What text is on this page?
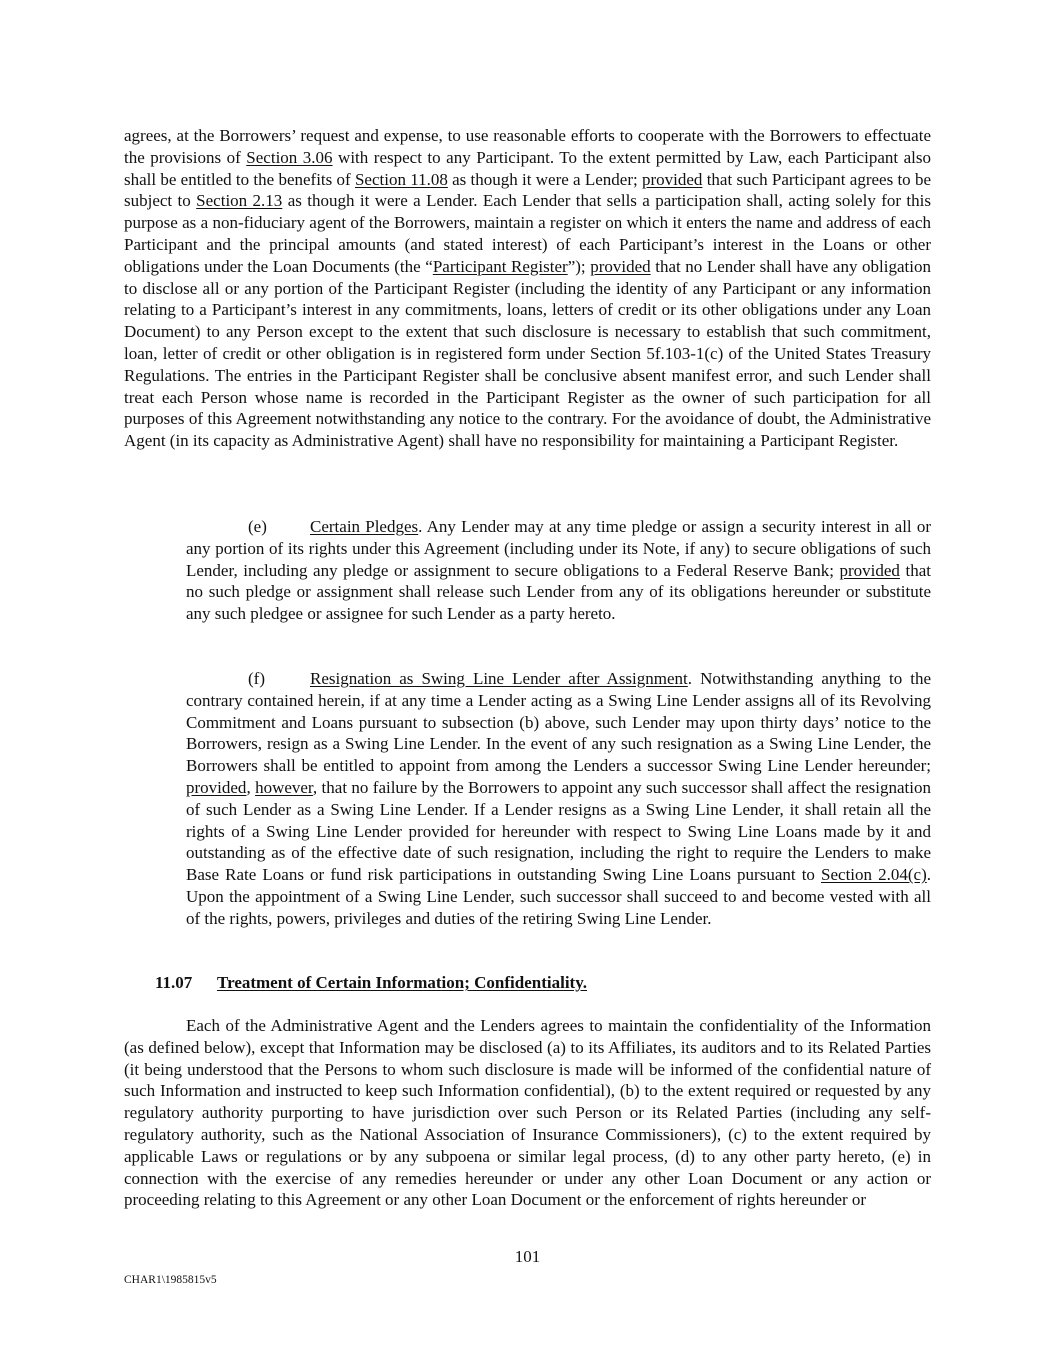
agrees, at the Borrowers’ request and expense, to use reasonable efforts to cooperate with the Borrowers to effectuate the provisions of Section 3.06 with respect to any Participant. To the extent permitted by Law, each Participant also shall be entitled to the benefits of Section 11.08 as though it were a Lender; provided that such Participant agrees to be subject to Section 2.13 as though it were a Lender. Each Lender that sells a participation shall, acting solely for this purpose as a non-fiduciary agent of the Borrowers, maintain a register on which it enters the name and address of each Participant and the principal amounts (and stated interest) of each Participant’s interest in the Loans or other obligations under the Loan Documents (the “Participant Register”); provided that no Lender shall have any obligation to disclose all or any portion of the Participant Register (including the identity of any Participant or any information relating to a Participant’s interest in any commitments, loans, letters of credit or its other obligations under any Loan Document) to any Person except to the extent that such disclosure is necessary to establish that such commitment, loan, letter of credit or other obligation is in registered form under Section 5f.103-1(c) of the United States Treasury Regulations. The entries in the Participant Register shall be conclusive absent manifest error, and such Lender shall treat each Person whose name is recorded in the Participant Register as the owner of such participation for all purposes of this Agreement notwithstanding any notice to the contrary. For the avoidance of doubt, the Administrative Agent (in its capacity as Administrative Agent) shall have no responsibility for maintaining a Participant Register.

(e)	Certain Pledges. Any Lender may at any time pledge or assign a security interest in all or any portion of its rights under this Agreement (including under its Note, if any) to secure obligations of such Lender, including any pledge or assignment to secure obligations to a Federal Reserve Bank; provided that no such pledge or assignment shall release such Lender from any of its obligations hereunder or substitute any such pledgee or assignee for such Lender as a party hereto.

(f)	Resignation as Swing Line Lender after Assignment. Notwithstanding anything to the contrary contained herein, if at any time a Lender acting as a Swing Line Lender assigns all of its Revolving Commitment and Loans pursuant to subsection (b) above, such Lender may upon thirty days’ notice to the Borrowers, resign as a Swing Line Lender. In the event of any such resignation as a Swing Line Lender, the Borrowers shall be entitled to appoint from among the Lenders a successor Swing Line Lender hereunder; provided, however, that no failure by the Borrowers to appoint any such successor shall affect the resignation of such Lender as a Swing Line Lender. If a Lender resigns as a Swing Line Lender, it shall retain all the rights of a Swing Line Lender provided for hereunder with respect to Swing Line Loans made by it and outstanding as of the effective date of such resignation, including the right to require the Lenders to make Base Rate Loans or fund risk participations in outstanding Swing Line Loans pursuant to Section 2.04(c). Upon the appointment of a Swing Line Lender, such successor shall succeed to and become vested with all of the rights, powers, privileges and duties of the retiring Swing Line Lender.

11.07 Treatment of Certain Information; Confidentiality.

Each of the Administrative Agent and the Lenders agrees to maintain the confidentiality of the Information (as defined below), except that Information may be disclosed (a) to its Affiliates, its auditors and to its Related Parties (it being understood that the Persons to whom such disclosure is made will be informed of the confidential nature of such Information and instructed to keep such Information confidential), (b) to the extent required or requested by any regulatory authority purporting to have jurisdiction over such Person or its Related Parties (including any self-regulatory authority, such as the National Association of Insurance Commissioners), (c) to the extent required by applicable Laws or regulations or by any subpoena or similar legal process, (d) to any other party hereto, (e) in connection with the exercise of any remedies hereunder or under any other Loan Document or any action or proceeding relating to this Agreement or any other Loan Document or the enforcement of rights hereunder or

101

CHAR1\1985815v5
